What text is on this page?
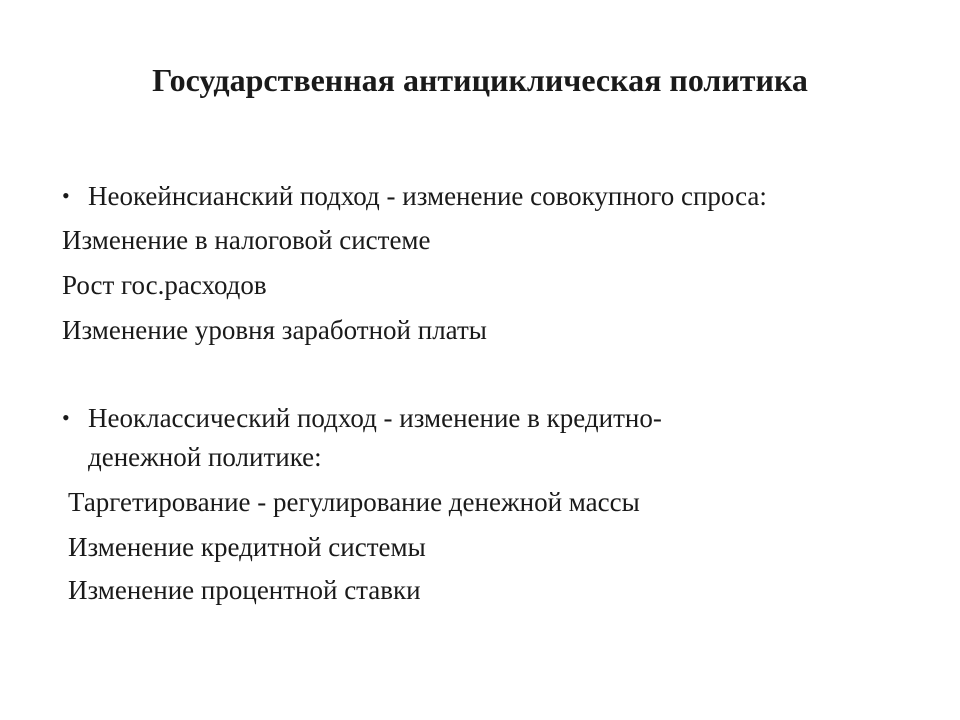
Государственная антициклическая политика
• Неокейнсианский подход - изменение совокупного спроса:
Изменение в налоговой системе
Рост гос.расходов
Изменение уровня заработной платы
• Неоклассический подход - изменение в кредитно-
денежной политике:
Таргетирование - регулирование денежной массы
Изменение кредитной системы
Изменение процентной ставки
